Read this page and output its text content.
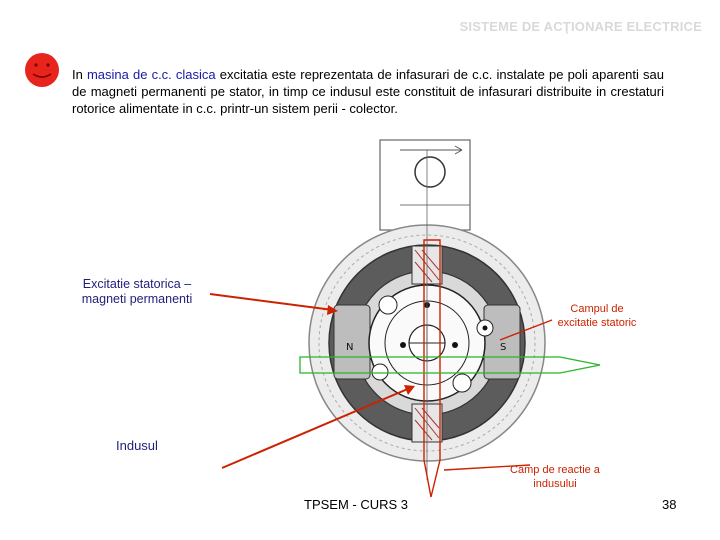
SISTEME DE ACŢIONARE ELECTRICE
In masina de c.c. clasica excitatia este reprezentata de infasurari de c.c. instalate pe poli aparenti sau de magneti permanenti pe stator, in timp ce indusul este constituit de infasurari distribuite in crestaturi rotorice alimentate in c.c. printr-un sistem perii - colector.
N	S
Excitatie statorica – magneti permanenti
Indusul
Campul de excitatie statoric
Camp de reactie a indusului
TPSEM - CURS 3	38
